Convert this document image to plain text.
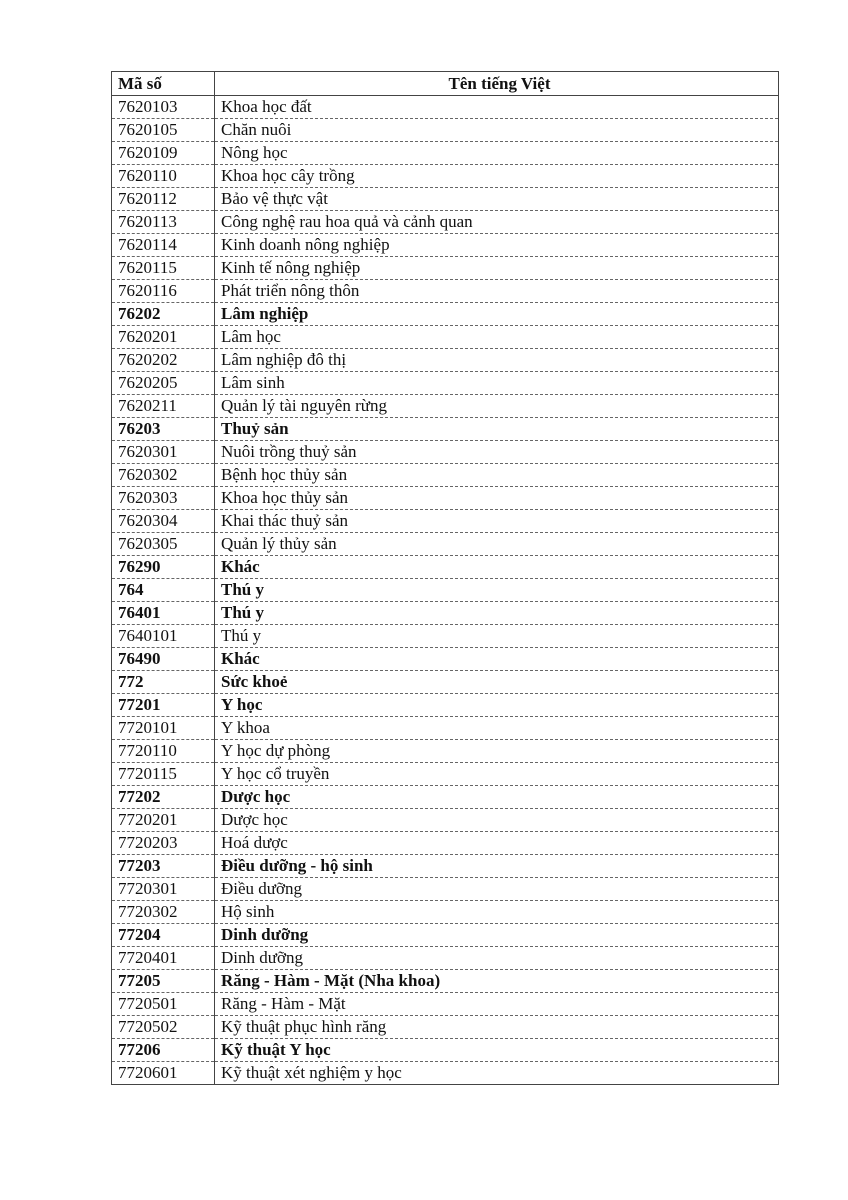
Mã số	Tên tiếng Việt
7620103	Khoa học đất
7620105	Chăn nuôi
7620109	Nông học
7620110	Khoa học cây trồng
7620112	Bảo vệ thực vật
7620113	Công nghệ rau hoa quả và cảnh quan
7620114	Kinh doanh nông nghiệp
7620115	Kinh tế nông nghiệp
7620116	Phát triển nông thôn
76202	Lâm nghiệp
7620201	Lâm học
7620202	Lâm nghiệp đô thị
7620205	Lâm sinh
7620211	Quản lý tài nguyên rừng
76203	Thuỷ sản
7620301	Nuôi trồng thuỷ sản
7620302	Bệnh học thủy sản
7620303	Khoa học thủy sản
7620304	Khai thác thuỷ sản
7620305	Quản lý thủy sản
76290	Khác
764	Thú y
76401	Thú y
7640101	Thú y
76490	Khác
772	Sức khoẻ
77201	Y học
7720101	Y khoa
7720110	Y học dự phòng
7720115	Y học cổ truyền
77202	Dược học
7720201	Dược học
7720203	Hoá dược
77203	Điều dưỡng - hộ sinh
7720301	Điều dưỡng
7720302	Hộ sinh
77204	Dinh dưỡng
7720401	Dinh dưỡng
77205	Răng - Hàm - Mặt (Nha khoa)
7720501	Răng - Hàm - Mặt
7720502	Kỹ thuật phục hình răng
77206	Kỹ thuật Y học
7720601	Kỹ thuật xét nghiệm y học
